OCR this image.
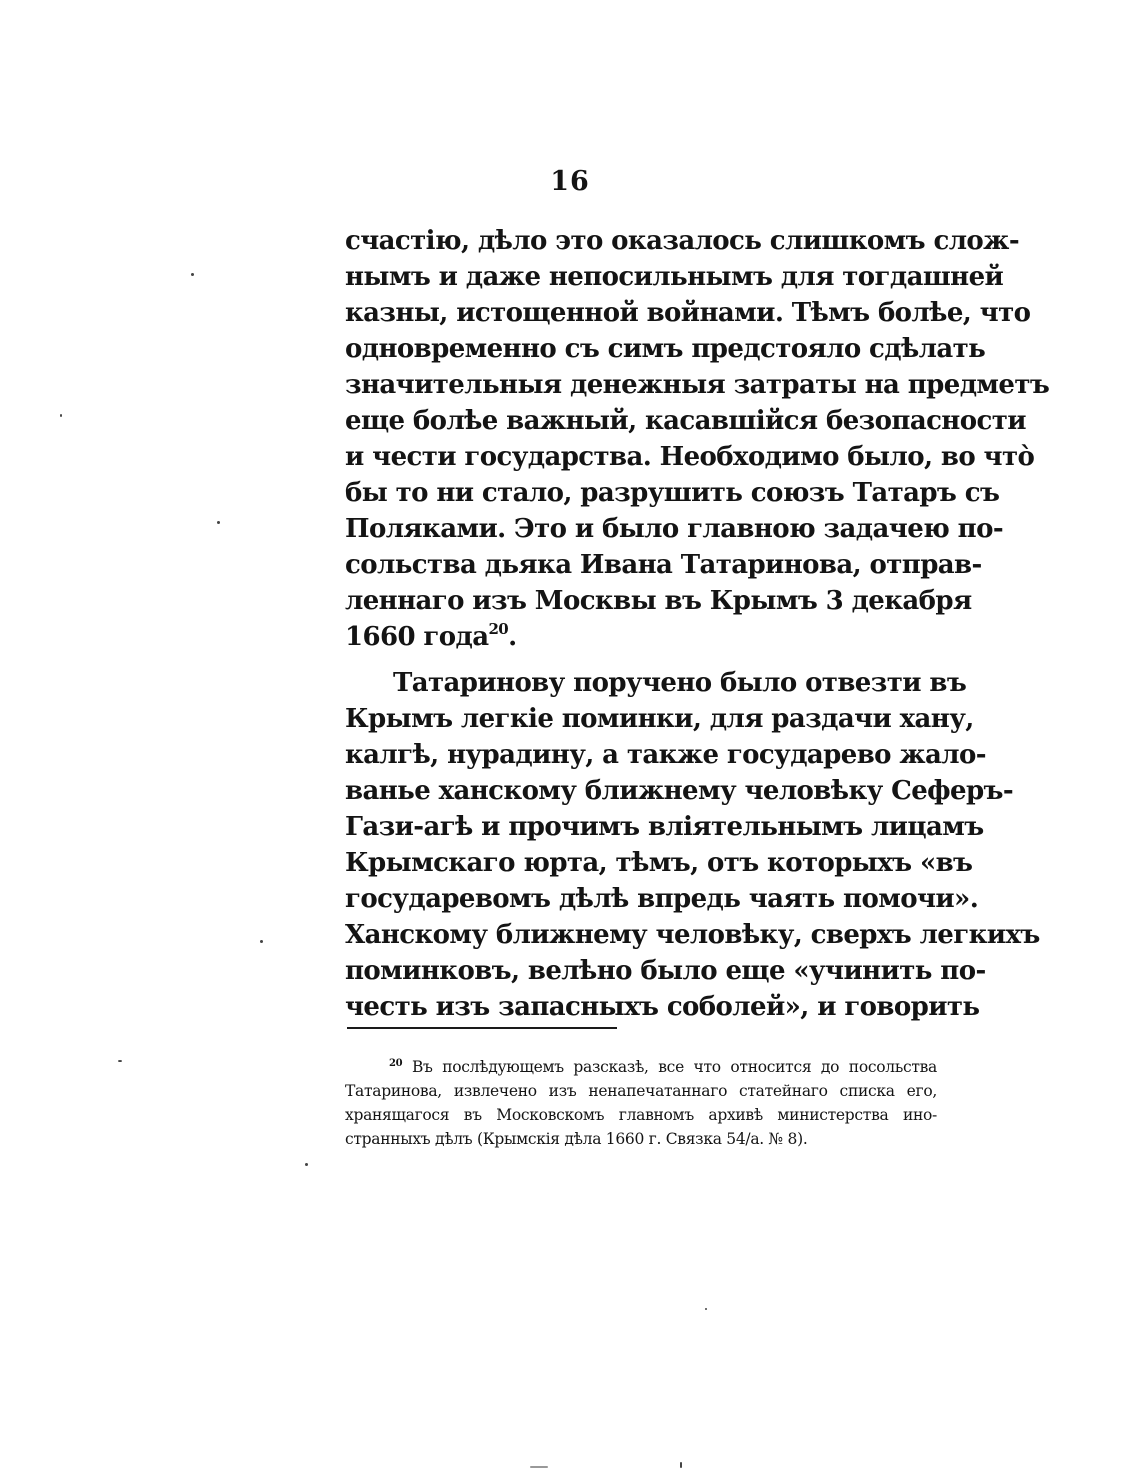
16
счастію, дѣло это оказалось слишкомъ слож-
нымъ и даже непосильнымъ для тогдашней
казны, истощенной войнами. Тѣмъ болѣе, что
одновременно съ симъ предстояло сдѣлать
значительныя денежныя затраты на предметъ
еще болѣе важный, касавшійся безопасности
и чести государства. Необходимо было, во чтò
бы то ни стало, разрушить союзъ Татаръ съ
Поляками. Это и было главною задачею по-
сольства дьяка Ивана Татаринова, отправ-
леннаго изъ Москвы въ Крымъ 3 декабря
1660 года$^{20}$.
Татаринову поручено было отвезти въ
Крымъ легкіе поминки, для раздачи хану,
калгѣ, нурадину, а также государево жало-
ванье ханскому ближнему человѣку Сеферъ-
Гази-агѣ и прочимъ вліятельнымъ лицамъ
Крымскаго юрта, тѣмъ, отъ которыхъ «въ
государевомъ дѣлѣ впредь чаять помочи».
Ханскому ближнему человѣку, сверхъ легкихъ
поминковъ, велѣно было еще «учинить по-
честь изъ запасныхъ соболей», и говорить
$^{20}$ Въ послѣдующемъ разсказѣ, все что относится до посольства
Татаринова, извлечено изъ ненапечатаннаго статейнаго списка его,
хранящагося въ Московскомъ главномъ архивѣ министерства ино-
странныхъ дѣлъ (Крымскія дѣла 1660 г. Связка 54/а. № 8).
